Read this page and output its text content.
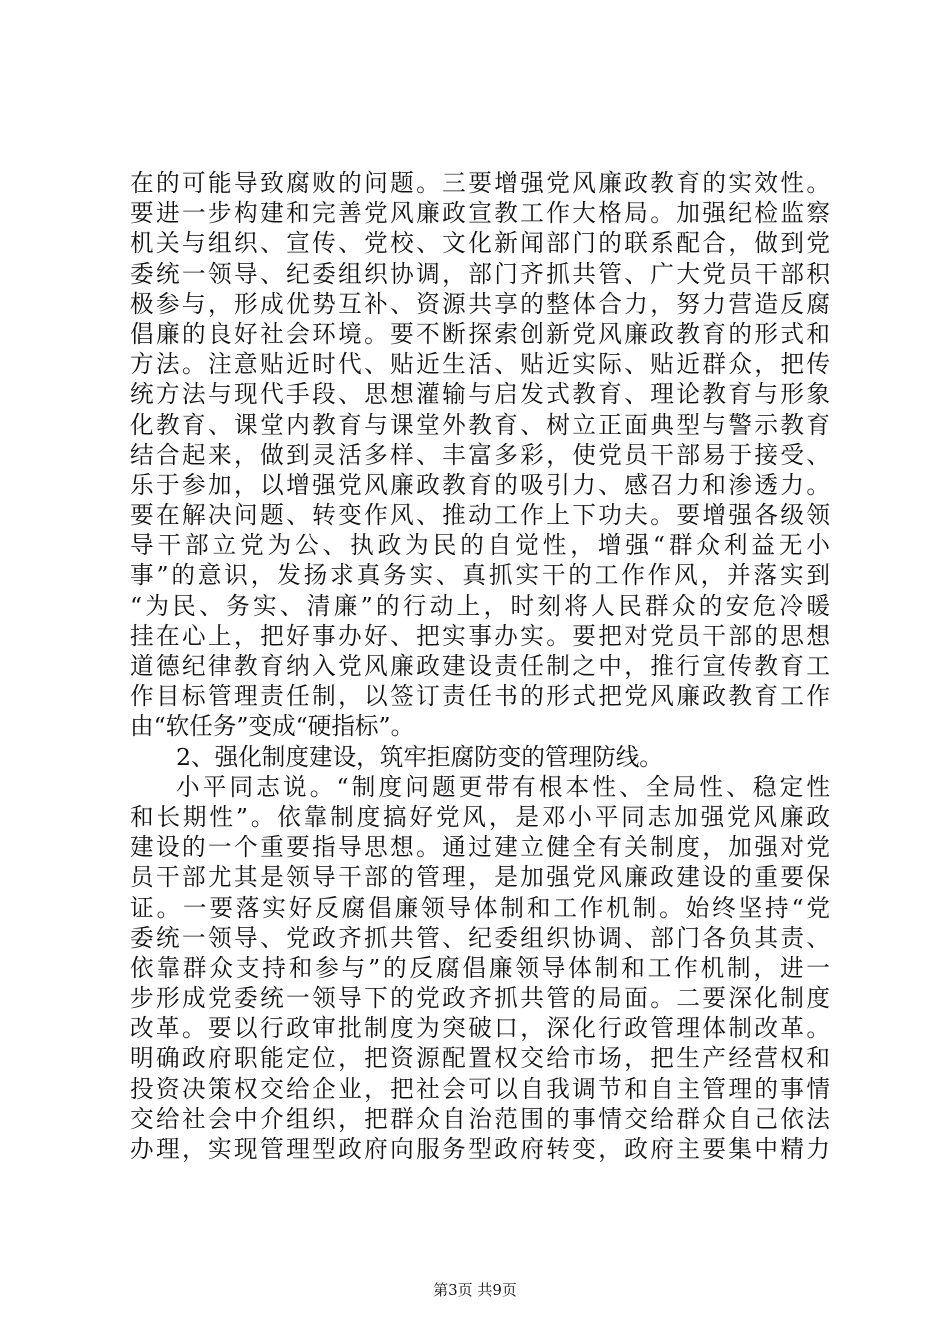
在的可能导致腐败的问题。三要增强党风廉政教育的实效性。
要进一步构建和完善党风廉政宣教工作大格局。加强纪检监察
机关与组织、宣传、党校、文化新闻部门的联系配合，做到党
委统一领导、纪委组织协调，部门齐抓共管、广大党员干部积
极参与，形成优势互补、资源共享的整体合力，努力营造反腐
倡廉的良好社会环境。要不断探索创新党风廉政教育的形式和
方法。注意贴近时代、贴近生活、贴近实际、贴近群众，把传
统方法与现代手段、思想灌输与启发式教育、理论教育与形象
化教育、课堂内教育与课堂外教育、树立正面典型与警示教育
结合起来，做到灵活多样、丰富多彩，使党员干部易于接受、
乐于参加，以增强党风廉政教育的吸引力、感召力和渗透力。
要在解决问题、转变作风、推动工作上下功夫。要增强各级领
导干部立党为公、执政为民的自觉性，增强“群众利益无小
事”的意识，发扬求真务实、真抓实干的工作作风，并落实到
“为民、务实、清廉”的行动上，时刻将人民群众的安危冷暖
挂在心上，把好事办好、把实事办实。要把对党员干部的思想
道德纪律教育纳入党风廉政建设责任制之中，推行宣传教育工
作目标管理责任制，以签订责任书的形式把党风廉政教育工作
由“软任务”变成“硬指标”。
2、强化制度建设，筑牢拒腐防变的管理防线。
小平同志说。“制度问题更带有根本性、全局性、稳定性
和长期性”。依靠制度搞好党风，是邓小平同志加强党风廉政
建设的一个重要指导思想。通过建立健全有关制度，加强对党
员干部尤其是领导干部的管理，是加强党风廉政建设的重要保
证。一要落实好反腐倡廉领导体制和工作机制。始终坚持“党
委统一领导、党政齐抓共管、纪委组织协调、部门各负其责、
依靠群众支持和参与”的反腐倡廉领导体制和工作机制，进一
步形成党委统一领导下的党政齐抓共管的局面。二要深化制度
改革。要以行政审批制度为突破口，深化行政管理体制改革。
明确政府职能定位，把资源配置权交给市场，把生产经营权和
投资决策权交给企业，把社会可以自我调节和自主管理的事情
交给社会中介组织，把群众自治范围的事情交给群众自己依法
办理，实现管理型政府向服务型政府转变，政府主要集中精力
第3页 共9页
